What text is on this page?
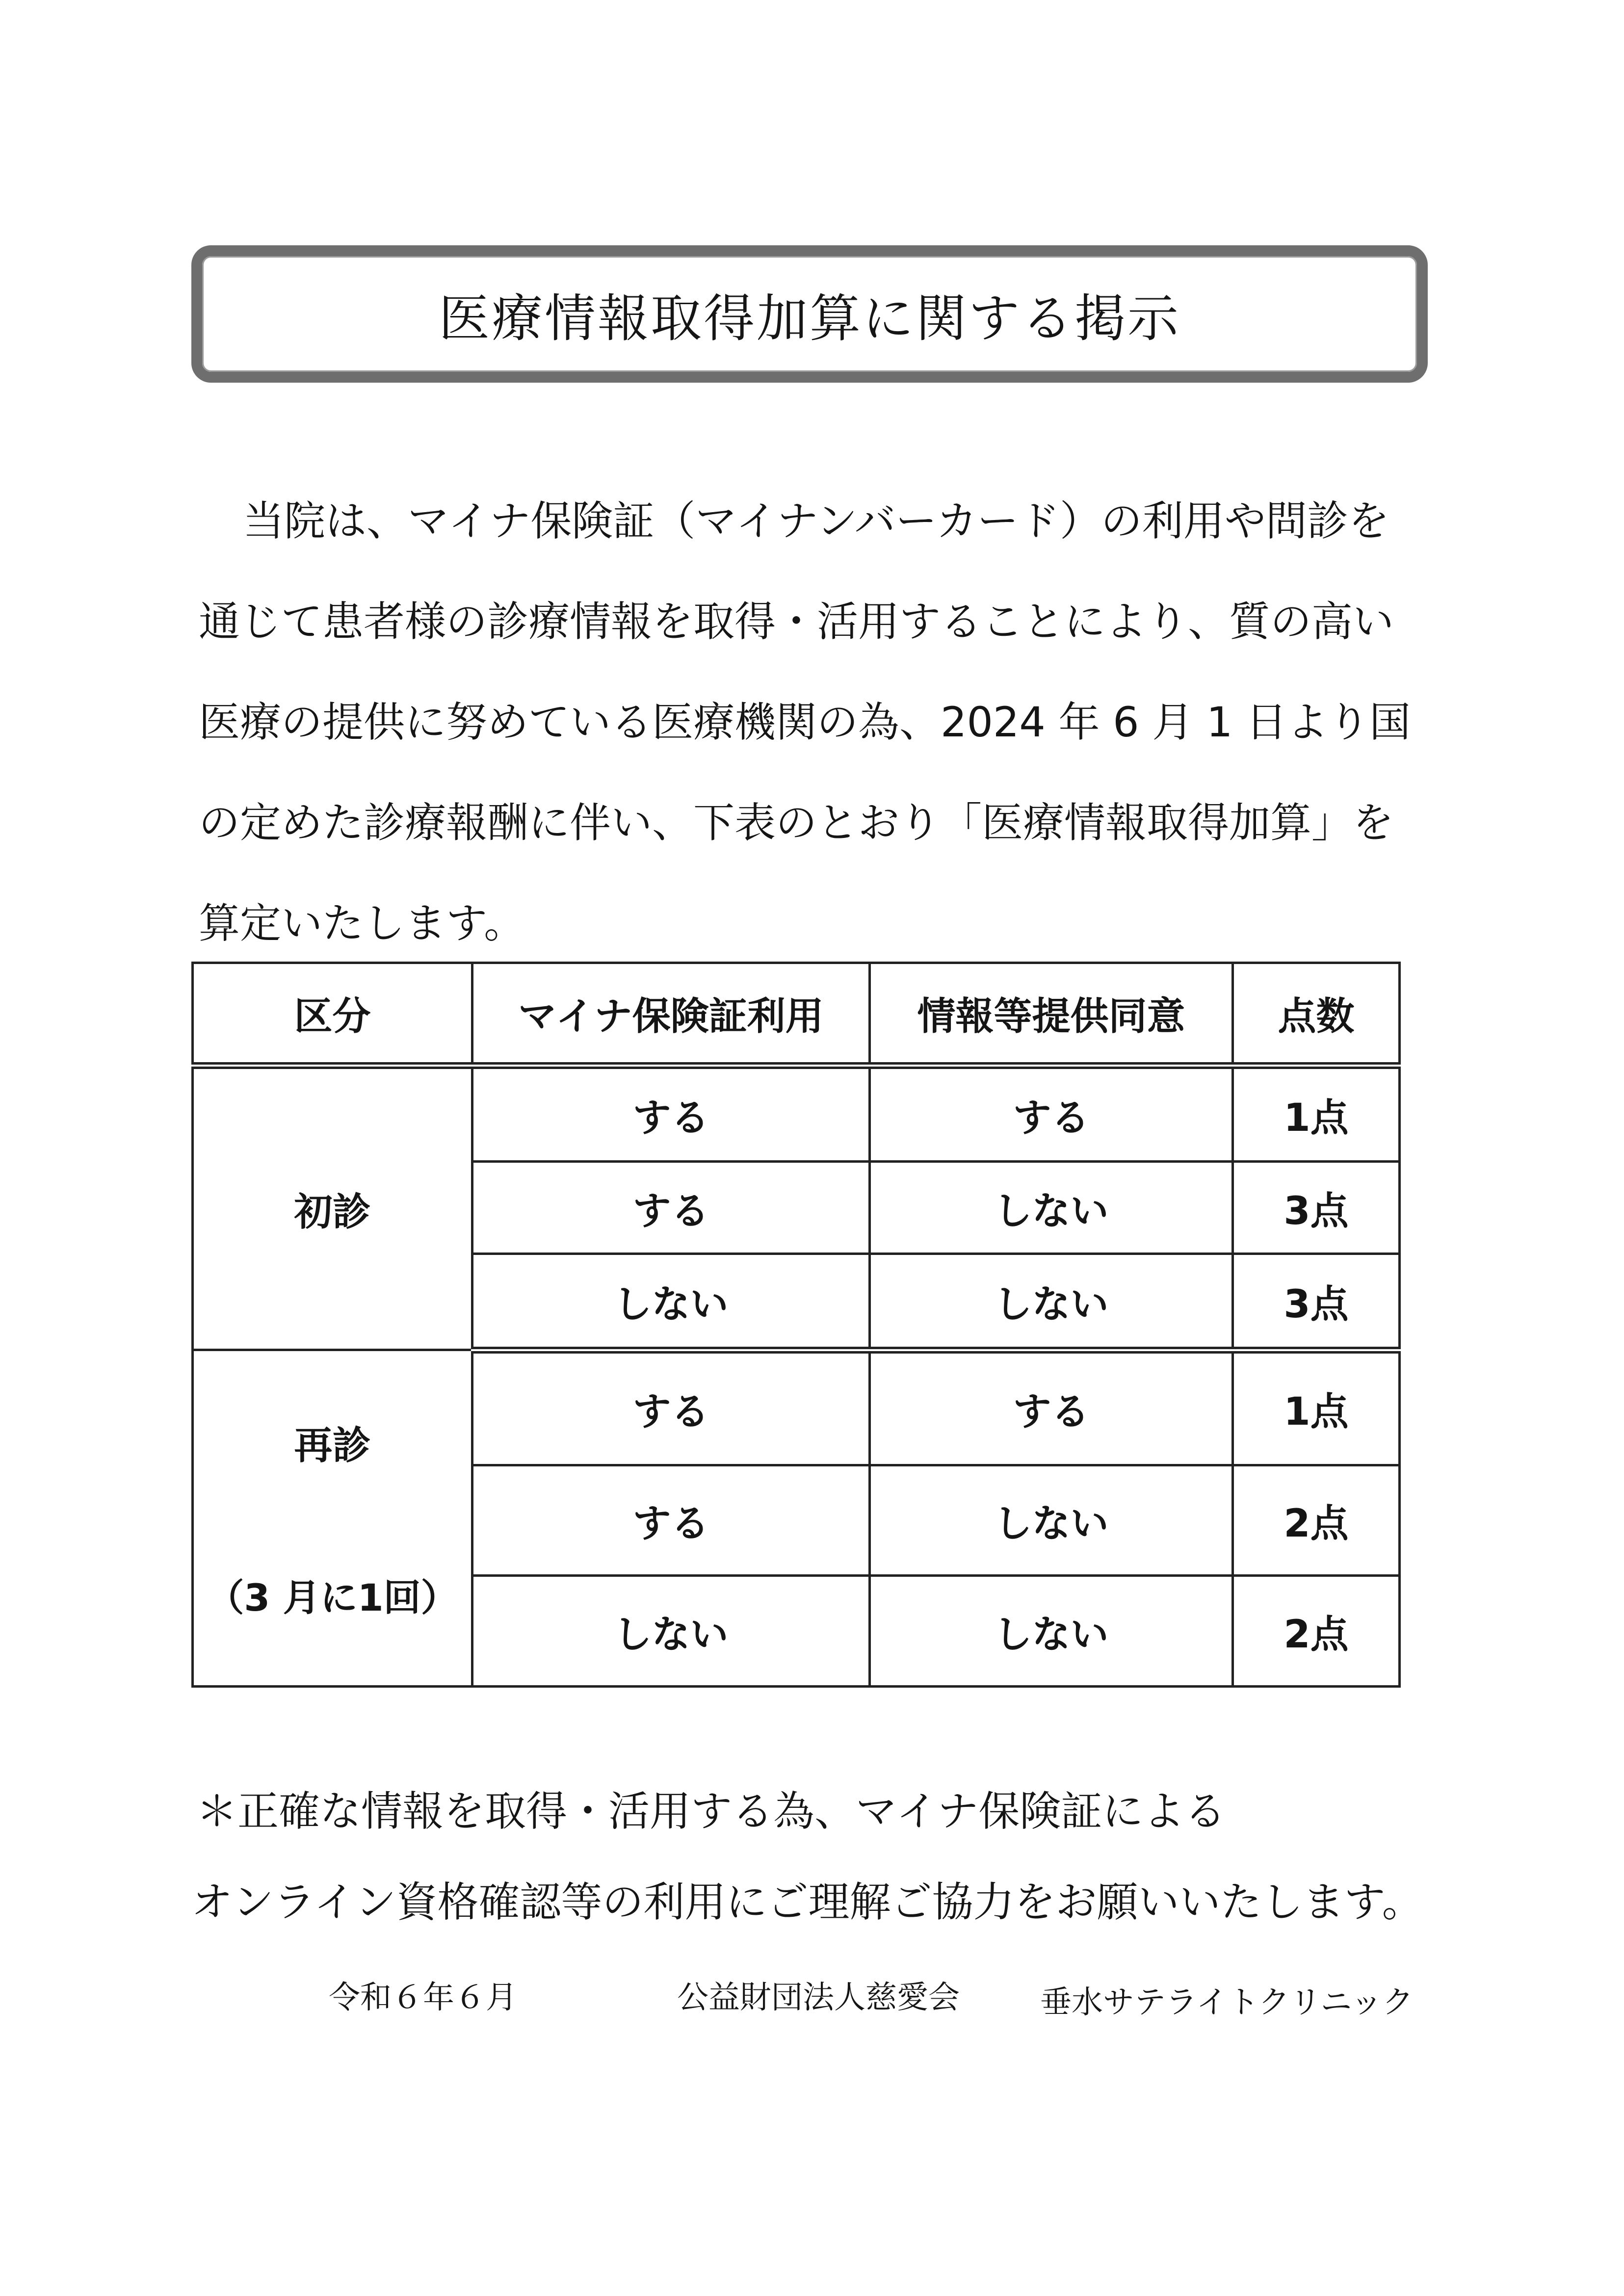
医療情報取得加算に関する掲示
当院は、マイナ保険証（マイナンバーカード）の利用や問診を
通じて患者様の診療情報を取得・活用することにより、質の高い
医療の提供に努めている医療機関の為、2024 年 6 月 1 日より国
の定めた診療報酬に伴い、下表のとおり「医療情報取得加算」を
算定いたします。
区分	マイナ保険証利用	情報等提供同意	点数

初診	する	する	1点
	する	しない	3点
	しない	しない	3点

再診
（3 月に1回）	する	する	1点
	する	しない	2点
	しない	しない	2点
＊正確な情報を取得・活用する為、マイナ保険証による
オンライン資格確認等の利用にご理解ご協力をお願いいたします。
令和６年６月	公益財団法人慈愛会	垂水サテライトクリニック
